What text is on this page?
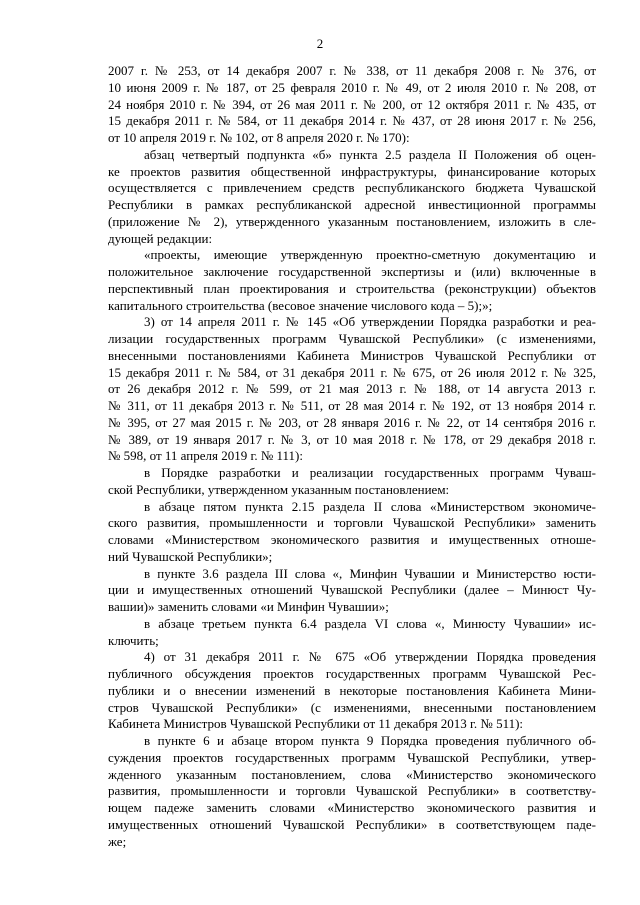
2
2007 г. № 253, от 14 декабря 2007 г. № 338, от 11 декабря 2008 г. № 376, от
10 июня 2009 г. № 187, от 25 февраля 2010 г. № 49, от 2 июля 2010 г. № 208, от
24 ноября 2010 г. № 394, от 26 мая 2011 г. № 200, от 12 октября 2011 г. № 435, от
15 декабря 2011 г. № 584, от 11 декабря 2014 г. № 437, от 28 июня 2017 г. № 256,
от 10 апреля 2019 г. № 102, от 8 апреля 2020 г. № 170):
абзац четвертый подпункта «б» пункта 2.5 раздела II Положения об оцен-
ке проектов развития общественной инфраструктуры, финансирование которых
осуществляется с привлечением средств республиканского бюджета Чувашской
Республики в рамках республиканской адресной инвестиционной программы
(приложение № 2), утвержденного указанным постановлением, изложить в сле-
дующей редакции:
«проекты, имеющие утвержденную проектно-сметную документацию и
положительное заключение государственной экспертизы и (или) включенные в
перспективный план проектирования и строительства (реконструкции) объектов
капитального строительства (весовое значение числового кода – 5);»;
3) от 14 апреля 2011 г. № 145 «Об утверждении Порядка разработки и реа-
лизации государственных программ Чувашской Республики» (с изменениями,
внесенными постановлениями Кабинета Министров Чувашской Республики от
15 декабря 2011 г. № 584, от 31 декабря 2011 г. № 675, от 26 июля 2012 г. № 325,
от 26 декабря 2012 г. № 599, от 21 мая 2013 г. № 188, от 14 августа 2013 г.
№ 311, от 11 декабря 2013 г. № 511, от 28 мая 2014 г. № 192, от 13 ноября 2014 г.
№ 395, от 27 мая 2015 г. № 203, от 28 января 2016 г. № 22, от 14 сентября 2016 г.
№ 389, от 19 января 2017 г. № 3, от 10 мая 2018 г. № 178, от 29 декабря 2018 г.
№ 598, от 11 апреля 2019 г. № 111):
в Порядке разработки и реализации государственных программ Чуваш-
ской Республики, утвержденном указанным постановлением:
в абзаце пятом пункта 2.15 раздела II слова «Министерством экономиче-
ского развития, промышленности и торговли Чувашской Республики» заменить
словами «Министерством экономического развития и имущественных отноше-
ний Чувашской Республики»;
в пункте 3.6 раздела III слова «, Минфин Чувашии и Министерство юсти-
ции и имущественных отношений Чувашской Республики (далее – Минюст Чу-
вашии)» заменить словами «и Минфин Чувашии»;
в абзаце третьем пункта 6.4 раздела VI слова «, Минюсту Чувашии» ис-
ключить;
4) от 31 декабря 2011 г. № 675 «Об утверждении Порядка проведения
публичного обсуждения проектов государственных программ Чувашской Рес-
публики и о внесении изменений в некоторые постановления Кабинета Мини-
стров Чувашской Республики» (с изменениями, внесенными постановлением
Кабинета Министров Чувашской Республики от 11 декабря 2013 г. № 511):
в пункте 6 и абзаце втором пункта 9 Порядка проведения публичного об-
суждения проектов государственных программ Чувашской Республики, утвер-
жденного указанным постановлением, слова «Министерство экономического
развития, промышленности и торговли Чувашской Республики» в соответству-
ющем падеже заменить словами «Министерство экономического развития и
имущественных отношений Чувашской Республики» в соответствующем паде-
же;
